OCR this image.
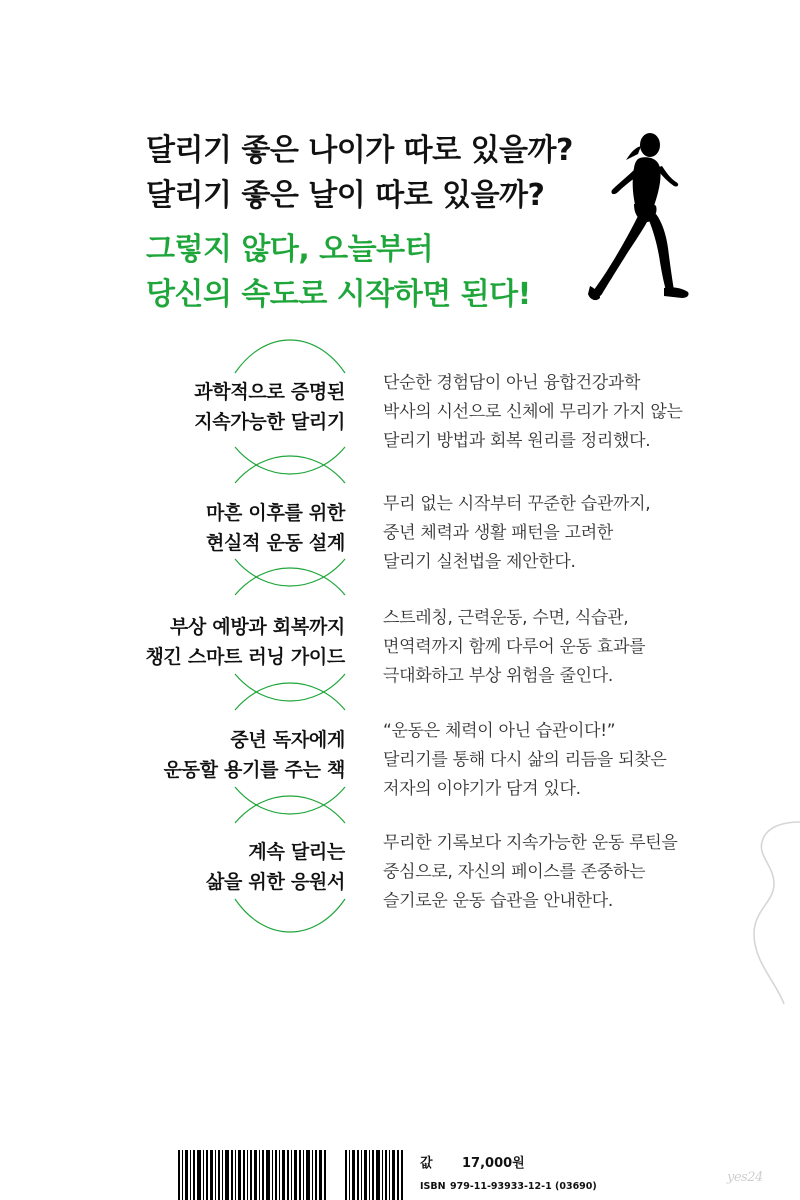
달리기 좋은 나이가 따로 있을까?
달리기 좋은 날이 따로 있을까?
그렇지 않다, 오늘부터
당신의 속도로 시작하면 된다!
과학적으로 증명된
지속가능한 달리기
단순한 경험담이 아닌 융합건강과학
박사의 시선으로 신체에 무리가 가지 않는
달리기 방법과 회복 원리를 정리했다.
마흔 이후를 위한
현실적 운동 설계
무리 없는 시작부터 꾸준한 습관까지,
중년 체력과 생활 패턴을 고려한
달리기 실천법을 제안한다.
부상 예방과 회복까지
챙긴 스마트 러닝 가이드
스트레칭, 근력운동, 수면, 식습관,
면역력까지 함께 다루어 운동 효과를
극대화하고 부상 위험을 줄인다.
중년 독자에게
운동할 용기를 주는 책
“운동은 체력이 아닌 습관이다!”
달리기를 통해 다시 삶의 리듬을 되찾은
저자의 이야기가 담겨 있다.
계속 달리는
삶을 위한 응원서
무리한 기록보다 지속가능한 운동 루틴을
중심으로, 자신의 페이스를 존중하는
슬기로운 운동 습관을 안내한다.
값 17,000원
ISBN 979-11-93933-12-1 (03690)
yes24
